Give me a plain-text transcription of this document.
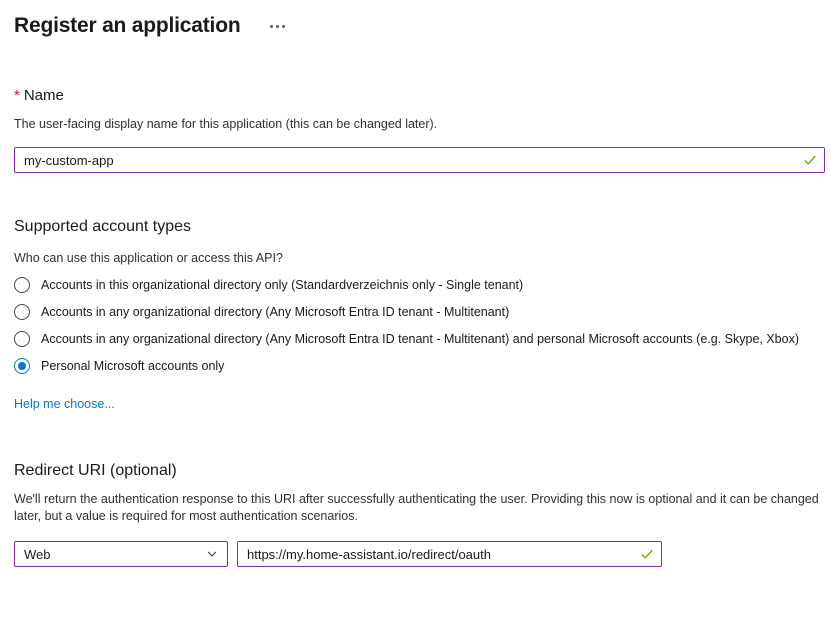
Register an application
* Name
The user-facing display name for this application (this can be changed later).
my-custom-app
Supported account types
Who can use this application or access this API?
Accounts in this organizational directory only (Standardverzeichnis only - Single tenant)
Accounts in any organizational directory (Any Microsoft Entra ID tenant - Multitenant)
Accounts in any organizational directory (Any Microsoft Entra ID tenant - Multitenant) and personal Microsoft accounts (e.g. Skype, Xbox)
Personal Microsoft accounts only
Help me choose...
Redirect URI (optional)
We'll return the authentication response to this URI after successfully authenticating the user. Providing this now is optional and it can be changed later, but a value is required for most authentication scenarios.
Web
https://my.home-assistant.io/redirect/oauth
